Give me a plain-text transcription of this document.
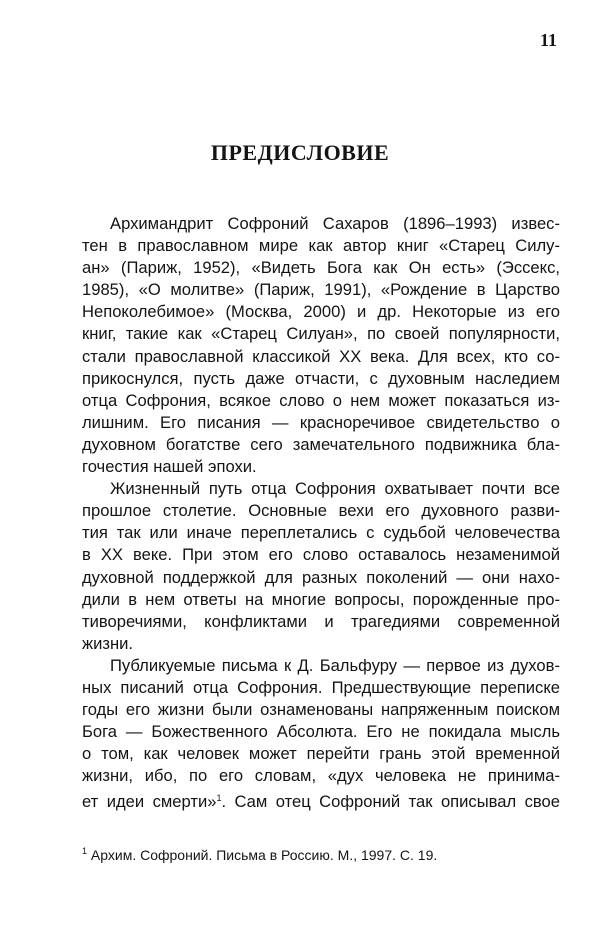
11
ПРЕДИСЛОВИЕ
Архимандрит Софроний Сахаров (1896–1993) извес-
тен в православном мире как автор книг «Старец Силу-
ан» (Париж, 1952), «Видеть Бога как Он есть» (Эссекс,
1985), «О молитве» (Париж, 1991), «Рождение в Царство
Непоколебимое» (Москва, 2000) и др. Некоторые из его
книг, такие как «Старец Силуан», по своей популярности,
стали православной классикой XX века. Для всех, кто со-
прикоснулся, пусть даже отчасти, с духовным наследием
отца Софрония, всякое слово о нем может показаться из-
лишним. Его писания — красноречивое свидетельство о
духовном богатстве сего замечательного подвижника бла-
гочестия нашей эпохи.
Жизненный путь отца Софрония охватывает почти все
прошлое столетие. Основные вехи его духовного разви-
тия так или иначе переплетались с судьбой человечества
в XX веке. При этом его слово оставалось незаменимой
духовной поддержкой для разных поколений — они нахо-
дили в нем ответы на многие вопросы, порожденные про-
тиворечиями, конфликтами и трагедиями современной
жизни.
Публикуемые письма к Д. Бальфуру — первое из духов-
ных писаний отца Софрония. Предшествующие переписке
годы его жизни были ознаменованы напряженным поиском
Бога — Божественного Абсолюта. Его не покидала мысль
о том, как человек может перейти грань этой временной
жизни, ибо, по его словам, «дух человека не принима-
ет идеи смерти»$^1$. Сам отец Софроний так описывал свое
$^1$ Архим. Софроний. Письма в Россию. М., 1997. С. 19.
